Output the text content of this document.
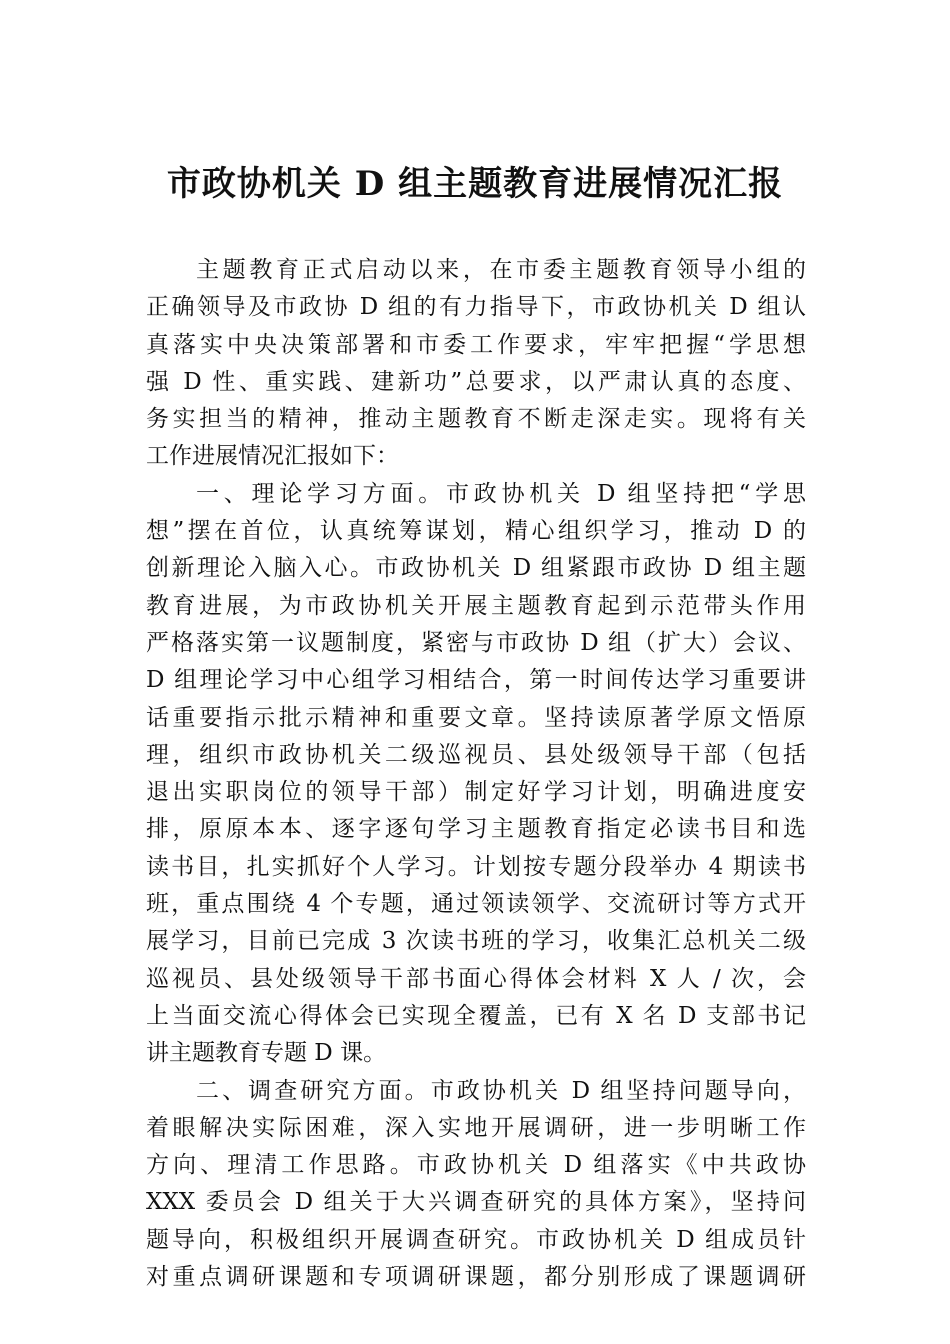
市政协机关 D 组主题教育进展情况汇报
主题教育正式启动以来，在市委主题教育领导小组的
正确领导及市政协 D 组的有力指导下，市政协机关 D 组认
真落实中央决策部署和市委工作要求，牢牢把握“学思想
强 D 性、重实践、建新功”总要求，以严肃认真的态度、
务实担当的精神，推动主题教育不断走深走实。现将有关
工作进展情况汇报如下：
一、理论学习方面。市政协机关 D 组坚持把“学思
想”摆在首位，认真统筹谋划，精心组织学习，推动 D 的
创新理论入脑入心。市政协机关 D 组紧跟市政协 D 组主题
教育进展，为市政协机关开展主题教育起到示范带头作用
严格落实第一议题制度，紧密与市政协 D 组（扩大）会议、
D 组理论学习中心组学习相结合，第一时间传达学习重要讲
话重要指示批示精神和重要文章。坚持读原著学原文悟原
理，组织市政协机关二级巡视员、县处级领导干部（包括
退出实职岗位的领导干部）制定好学习计划，明确进度安
排，原原本本、逐字逐句学习主题教育指定必读书目和选
读书目，扎实抓好个人学习。计划按专题分段举办 4 期读书
班，重点围绕 4 个专题，通过领读领学、交流研讨等方式开
展学习，目前已完成 3 次读书班的学习，收集汇总机关二级
巡视员、县处级领导干部书面心得体会材料 X 人 / 次，会
上当面交流心得体会已实现全覆盖，已有 X 名 D 支部书记
讲主题教育专题 D 课。
二、调查研究方面。市政协机关 D 组坚持问题导向，
着眼解决实际困难，深入实地开展调研，进一步明晰工作
方向、理清工作思路。市政协机关 D 组落实《中共政协
XXX 委员会 D 组关于大兴调查研究的具体方案》，坚持问
题导向，积极组织开展调查研究。市政协机关 D 组成员针
对重点调研课题和专项调研课题，都分别形成了课题调研
